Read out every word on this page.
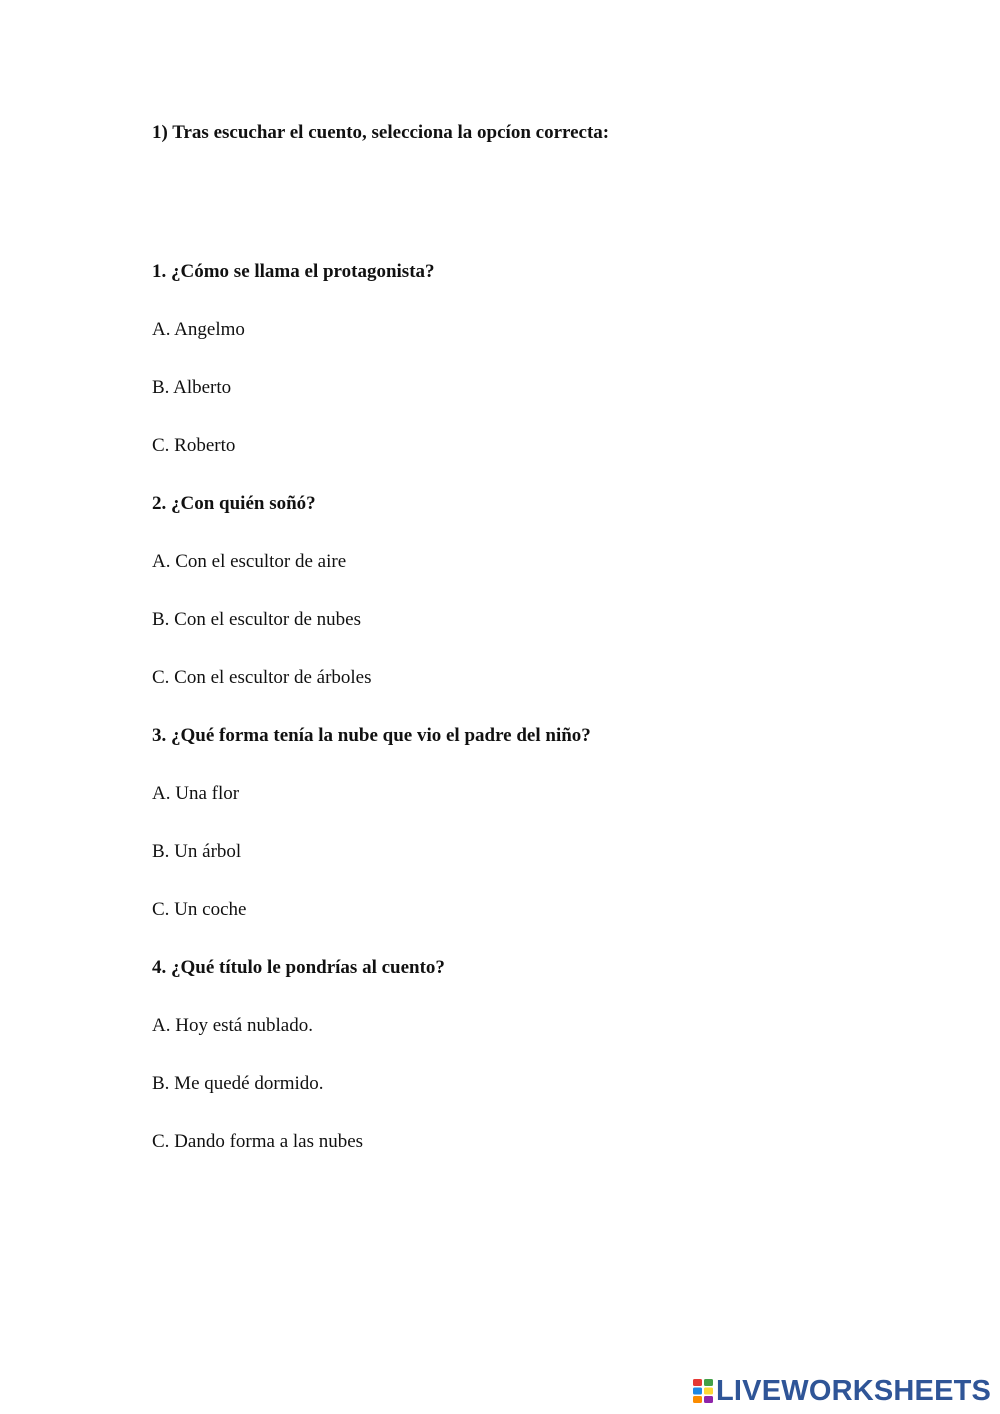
1) Tras escuchar el cuento, selecciona la opcíon correcta:
1. ¿Cómo se llama el protagonista?
A. Angelmo
B. Alberto
C. Roberto
2. ¿Con quién soñó?
A. Con el escultor de aire
B. Con el escultor de nubes
C. Con el escultor de árboles
3. ¿Qué forma tenía la nube que vio el padre del niño?
A. Una flor
B. Un árbol
C. Un coche
4. ¿Qué título le pondrías al cuento?
A. Hoy está nublado.
B. Me quedé dormido.
C. Dando forma a las nubes
LIVEWORKSHEETS
